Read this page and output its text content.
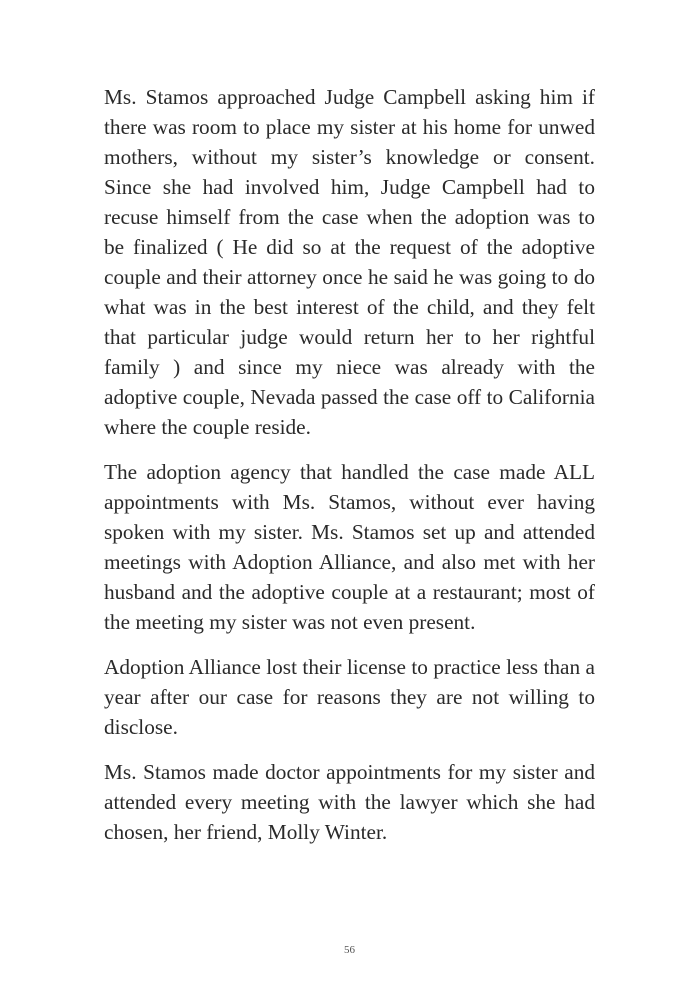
Ms. Stamos approached Judge Campbell asking him if there was room to place my sister at his home for unwed mothers, without my sister’s knowledge or consent. Since she had involved him, Judge Campbell had to recuse himself from the case when the adoption was to be finalized ( He did so at the request of the adoptive couple and their attorney once he said he was going to do what was in the best interest of the child, and they felt that particular judge would return her to her rightful family ) and since my niece was already with the adoptive couple, Nevada passed the case off to California where the couple reside.

The adoption agency that handled the case made ALL appointments with Ms. Stamos, without ever having spoken with my sister. Ms. Stamos set up and attended meetings with Adoption Alliance, and also met with her husband and the adoptive couple at a restaurant; most of the meeting my sister was not even present.

Adoption Alliance lost their license to practice less than a year after our case for reasons they are not willing to disclose.

Ms. Stamos made doctor appointments for my sister and attended every meeting with the lawyer which she had chosen, her friend, Molly Winter.

56
